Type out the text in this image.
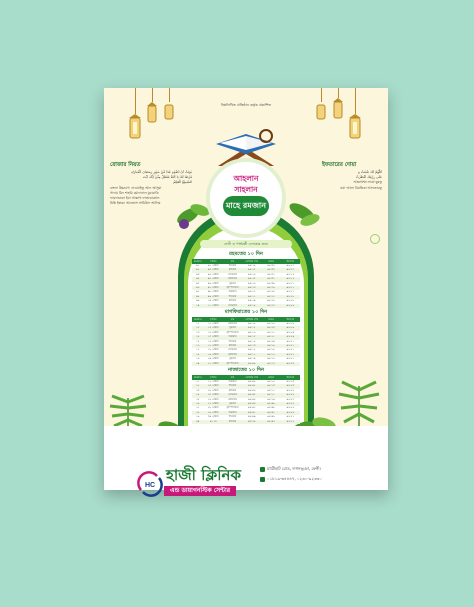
নিম্নলিখিত প্রতিষ্ঠান কর্তৃক প্রকাশিত
রোজার নিয়ত
نَوَيْتُ اَنْ اَصُوْمَ غَدًا مِّنْ شَهْرِ رَمَضَانَ الْمُبَارَكِ
فَرْضًا لَكَ يَا اَللهُ فَتَقَبَّلْ مِنِّيْ اِنَّكَ اَنْتَ
السَّمِيْعُ الْعَلِيْمُ
বাংলা উচ্চারণ: নাওয়াইতু আন আসুমা
গাদাম মিন শাহরি রমাদানাল মুবারাকি
ফারদাল্লাকা ইয়া আল্লাহু ফাতাকাব্বাল
মিন্নি ইন্নাকা আনতাস সামিউল আলিম
ইফতারের দোয়া
اَللَّهُمَّ لَكَ صُمْتُ وَ
عَلَى رِزْقِكَ اَفْطَرْتُ
আল্লাহুম্মা লাকা ছুমতু
ওয়া আলা রিযক্বিকা আফতারতু
আহলান
সাহলান
মাহে রমজান
ফেনী ও পার্শ্ববর্তী এলাকার জন্য
রহমতের ১০ দিন
রমজান	তারিখ	বার	সেহরির শেষ	ফজর	ইফতার
০১	০২ এপ্রিল	শনিবার	০৪:২৮	০৪:৩৪	০৬:১৫
০২	০৩ এপ্রিল	রবিবার	০৪:২৭	০৪:৩৩	০৬:১৫
০৩	০৪ এপ্রিল	সোমবার	০৪:২৬	০৪:৩২	০৬:১৬
০৪	০৫ এপ্রিল	মঙ্গলবার	০৪:২৫	০৪:৩১	০৬:১৬
০৫	০৬ এপ্রিল	বুধবার	০৪:২৪	০৪:৩০	০৬:১৭
০৬	০৭ এপ্রিল	বৃহস্পতিবার	০৪:২৩	০৪:২৯	০৬:১৭
০৭	০৮ এপ্রিল	শুক্রবার	০৪:২২	০৪:২৮	০৬:১৭
০৮	০৯ এপ্রিল	শনিবার	০৪:২১	০৪:২৭	০৬:১৮
০৯	১০ এপ্রিল	রবিবার	০৪:২০	০৪:২৬	০৬:১৮
১০	১১ এপ্রিল	সোমবার	০৪:১৯	০৪:২৫	০৬:১৯
মাগফিরাতের ১০ দিন
রমজান	তারিখ	বার	সেহরির শেষ	ফজর	ইফতার
১১	১২ এপ্রিল	মঙ্গলবার	০৪:১৮	০৪:২৪	০৬:১৯
১২	১৩ এপ্রিল	বুধবার	০৪:১৭	০৪:২৩	০৬:১৯
১৩	১৪ এপ্রিল	বৃহস্পতিবার	০৪:১৬	০৪:২২	০৬:২০
১৪	১৫ এপ্রিল	শুক্রবার	০৪:১৫	০৪:২১	০৬:২০
১৫	১৬ এপ্রিল	শনিবার	০৪:১৪	০৪:২০	০৬:২১
১৬	১৭ এপ্রিল	রবিবার	০৪:১৩	০৪:১৯	০৬:২১
১৭	১৮ এপ্রিল	সোমবার	০৪:১২	০৪:১৮	০৬:২১
১৮	১৯ এপ্রিল	মঙ্গলবার	০৪:১১	০৪:১৭	০৬:২২
১৯	২০ এপ্রিল	বুধবার	০৪:১০	০৪:১৬	০৬:২২
২০	২১ এপ্রিল	বৃহস্পতিবার	০৪:০৯	০৪:১৫	০৬:২৩
নাজাতের ১০ দিন
রমজান	তারিখ	বার	সেহরির শেষ	ফজর	ইফতার
২১	২২ এপ্রিল	শুক্রবার	০৪:০৮	০৪:১৪	০৬:২৩
২২	২৩ এপ্রিল	শনিবার	০৪:০৭	০৪:১৩	০৬:২৩
২৩	২৪ এপ্রিল	রবিবার	০৪:০৬	০৪:১২	০৬:২৪
২৪	২৫ এপ্রিল	সোমবার	০৪:০৫	০৪:১১	০৬:২৪
২৫	২৬ এপ্রিল	মঙ্গলবার	০৪:০৪	০৪:১০	০৬:২৫
২৬	২৭ এপ্রিল	বুধবার	০৪:০৩	০৪:০৯	০৬:২৫
২৭	২৮ এপ্রিল	বৃহস্পতিবার	০৪:০২	০৪:০৮	০৬:২৬
২৮	২৯ এপ্রিল	শুক্রবার	০৪:০১	০৪:০৭	০৬:২৬
২৯	৩০ এপ্রিল	শনিবার	০৪:০০	০৪:০৬	০৬:২৭
৩০	০১ মে	রবিবার	০৩:৫৯	০৪:০৫	০৬:২৭
HC
হাজী ক্লিনিক
এন্ড ডায়াগনস্টিক সেন্টার
মহুরীহাট রোড, দাগনভূঞা, ফেনী।
০১৮১৯-৬৪৪৪৭, ০২৩০-৯২৩৩০
